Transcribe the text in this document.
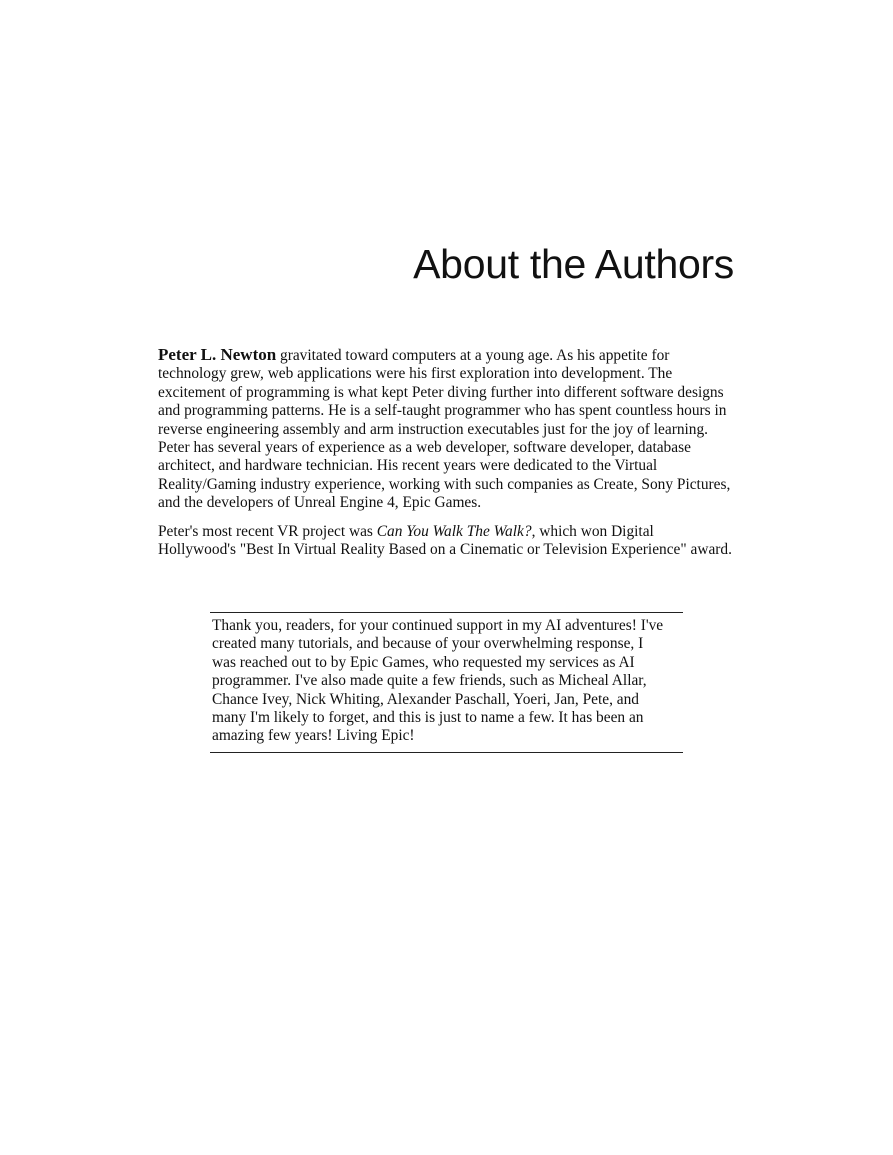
About the Authors

Peter L. Newton gravitated toward computers at a young age. As his appetite for technology grew, web applications were his first exploration into development. The excitement of programming is what kept Peter diving further into different software designs and programming patterns. He is a self-taught programmer who has spent countless hours in reverse engineering assembly and arm instruction executables just for the joy of learning. Peter has several years of experience as a web developer, software developer, database architect, and hardware technician. His recent years were dedicated to the Virtual Reality/Gaming industry experience, working with such companies as Create, Sony Pictures, and the developers of Unreal Engine 4, Epic Games.

Peter's most recent VR project was Can You Walk The Walk?, which won Digital Hollywood's "Best In Virtual Reality Based on a Cinematic or Television Experience" award.

Thank you, readers, for your continued support in my AI adventures! I've created many tutorials, and because of your overwhelming response, I was reached out to by Epic Games, who requested my services as AI programmer. I've also made quite a few friends, such as Micheal Allar, Chance Ivey, Nick Whiting, Alexander Paschall, Yoeri, Jan, Pete, and many I'm likely to forget, and this is just to name a few. It has been an amazing few years! Living Epic!
